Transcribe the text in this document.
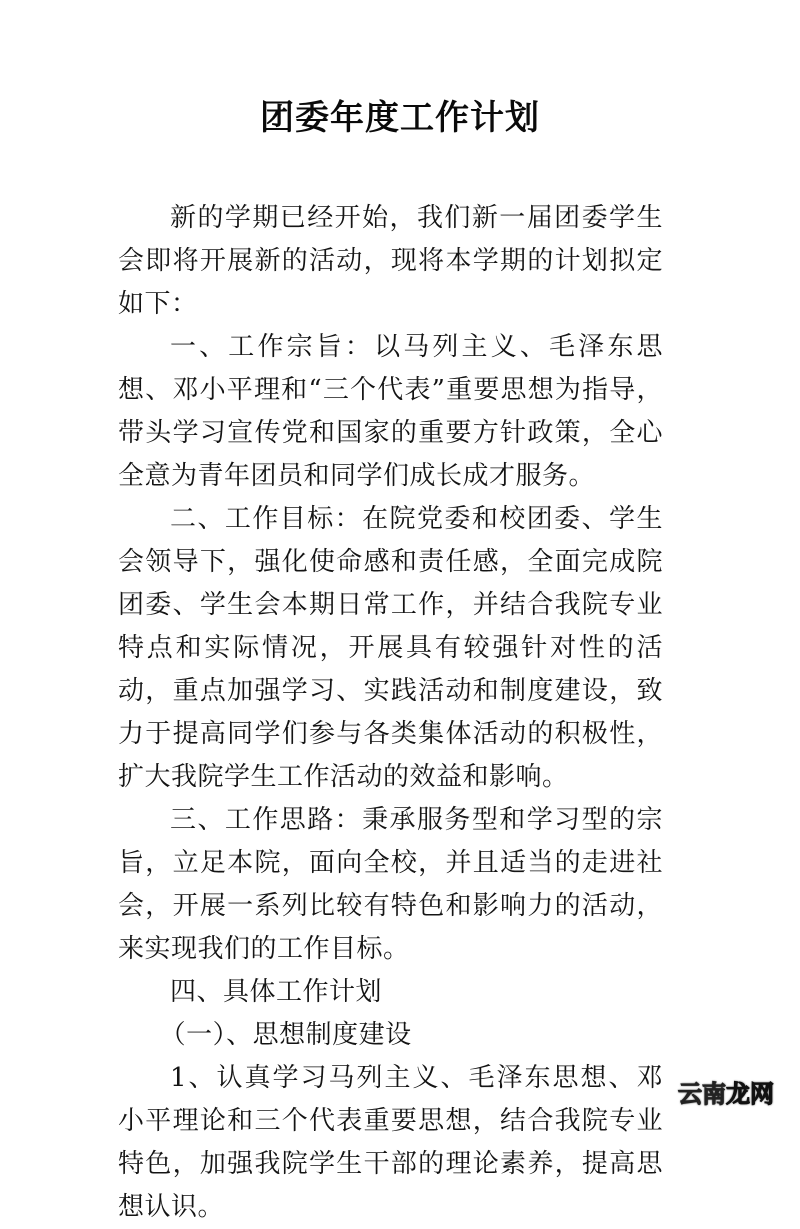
团委年度工作计划

新的学期已经开始，我们新一届团委学生会即将开展新的活动，现将本学期的计划拟定如下：

一、工作宗旨：以马列主义、毛泽东思想、邓小平理和“三个代表”重要思想为指导，带头学习宣传党和国家的重要方针政策，全心全意为青年团员和同学们成长成才服务。

二、工作目标：在院党委和校团委、学生会领导下，强化使命感和责任感，全面完成院团委、学生会本期日常工作，并结合我院专业特点和实际情况，开展具有较强针对性的活动，重点加强学习、实践活动和制度建设，致力于提高同学们参与各类集体活动的积极性，扩大我院学生工作活动的效益和影响。

三、工作思路：秉承服务型和学习型的宗旨，立足本院，面向全校，并且适当的走进社会，开展一系列比较有特色和影响力的活动，来实现我们的工作目标。

四、具体工作计划

（一）、思想制度建设

1、认真学习马列主义、毛泽东思想、邓小平理论和三个代表重要思想，结合我院专业特色，加强我院学生干部的理论素养，提高思想认识。

云南龙网
